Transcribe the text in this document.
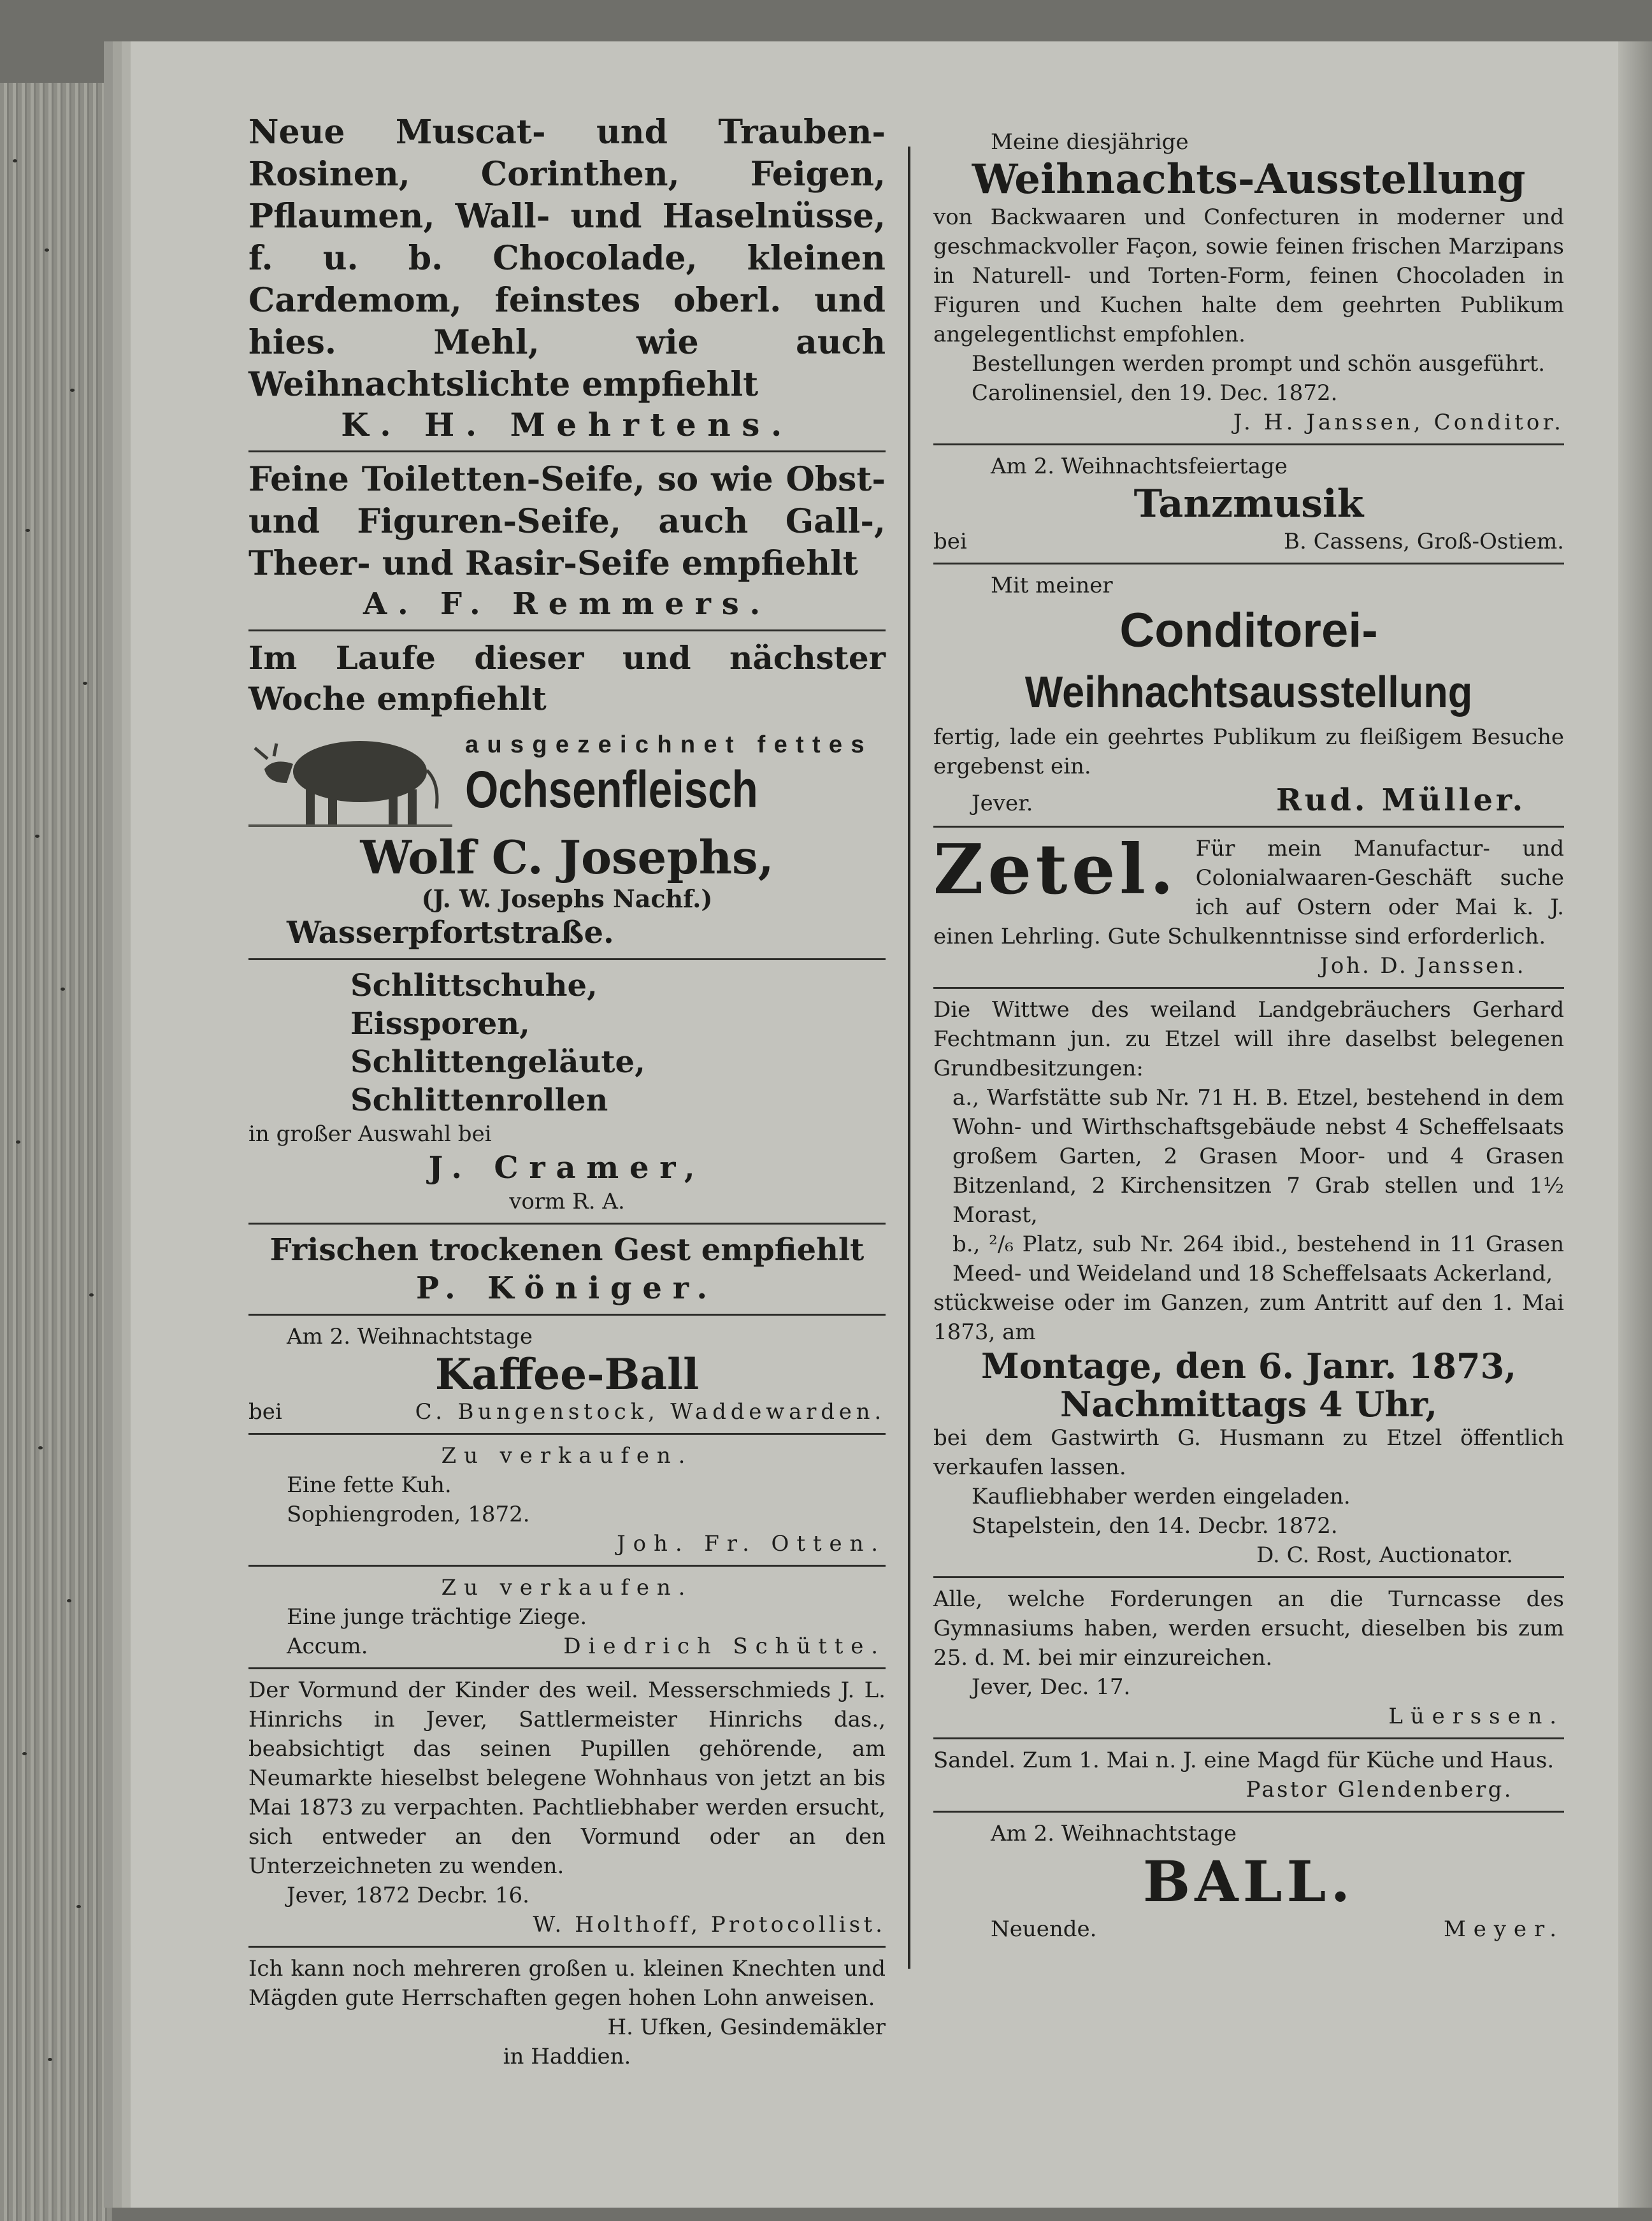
Neue Muscat- und Trauben-Rosinen, Corinthen, Feigen, Pflaumen, Wall- und Haselnüsse, f. u. b. Chocolade, kleinen Cardemom, feinstes oberl. und hies. Mehl, wie auch Weihnachtslichte empfiehlt
K. H. Mehrtens.
Feine Toiletten-Seife, so wie Obst- und Figuren-Seife, auch Gall-, Theer- und Rasir-Seife empfiehlt
A. F. Remmers.
Im Laufe dieser und nächster Woche empfiehlt
ausgezeichnet fettes
Ochsenfleisch
Wolf C. Josephs,
(J. W. Josephs Nachf.)
Wasserpfortstraße.
Schlittschuhe,
Eissporen,
Schlittengeläute,
Schlittenrollen
in großer Auswahl bei
J. Cramer,
vorm R. A.
Frischen trockenen Gest empfiehlt
P. Königer.
Am 2. Weihnachtstage
Kaffee-Ball
bei	C. Bungenstock, Waddewarden.
Zu verkaufen.
Eine fette Kuh.
Sophiengroden, 1872.
Joh. Fr. Otten.
Zu verkaufen.
Eine junge trächtige Ziege.
Accum.	Diedrich Schütte.
Der Vormund der Kinder des weil. Messerschmieds J. L. Hinrichs in Jever, Sattlermeister Hinrichs das., beabsichtigt das seinen Pupillen gehörende, am Neumarkte hieselbst belegene Wohnhaus von jetzt an bis Mai 1873 zu verpachten. Pachtliebhaber werden ersucht, sich entweder an den Vormund oder an den Unterzeichneten zu wenden.
Jever, 1872 Decbr. 16.
W. Holthoff, Protocollist.
Ich kann noch mehreren großen u. kleinen Knechten und Mägden gute Herrschaften gegen hohen Lohn anweisen.
H. Ufken, Gesindemäkler
in Haddien.
Meine diesjährige
Weihnachts-Ausstellung
von Backwaaren und Confecturen in moderner und geschmackvoller Façon, sowie feinen frischen Marzipans in Naturell- und Torten-Form, feinen Chocoladen in Figuren und Kuchen halte dem geehrten Publikum angelegentlichst empfohlen.
Bestellungen werden prompt und schön ausgeführt.
Carolinensiel, den 19. Dec. 1872.
J. H. Janssen, Conditor.
Am 2. Weihnachtsfeiertage
Tanzmusik
bei	B. Cassens, Groß-Ostiem.
Mit meiner
Conditorei-
Weihnachtsausstellung
fertig, lade ein geehrtes Publikum zu fleißigem Besuche ergebenst ein.
Jever.	Rud. Müller.
Zetel. Für mein Manufactur- und Colonialwaaren-Geschäft suche ich auf Ostern oder Mai k. J. einen Lehrling. Gute Schulkenntnisse sind erforderlich.
Joh. D. Janssen.
Die Wittwe des weiland Landgebräuchers Gerhard Fechtmann jun. zu Etzel will ihre daselbst belegenen Grundbesitzungen:
a., Warfstätte sub Nr. 71 H. B. Etzel, bestehend in dem Wohn- und Wirthschaftsgebäude nebst 4 Scheffelsaats großem Garten, 2 Grasen Moor- und 4 Grasen Bitzenland, 2 Kirchensitzen 7 Grab stellen und 1½ Morast,
b., ²/₆ Platz, sub Nr. 264 ibid., bestehend in 11 Grasen Meed- und Weideland und 18 Scheffelsaats Ackerland,
stückweise oder im Ganzen, zum Antritt auf den 1. Mai 1873, am
Montage, den 6. Janr. 1873,
Nachmittags 4 Uhr,
bei dem Gastwirth G. Husmann zu Etzel öffentlich verkaufen lassen.
Kaufliebhaber werden eingeladen.
Stapelstein, den 14. Decbr. 1872.
D. C. Rost, Auctionator.
Alle, welche Forderungen an die Turncasse des Gymnasiums haben, werden ersucht, dieselben bis zum 25. d. M. bei mir einzureichen.
Jever, Dec. 17.
Lüerssen.
Sandel. Zum 1. Mai n. J. eine Magd für Küche und Haus.
Pastor Glendenberg.
Am 2. Weihnachtstage
BALL.
Neuende.	Meyer.
